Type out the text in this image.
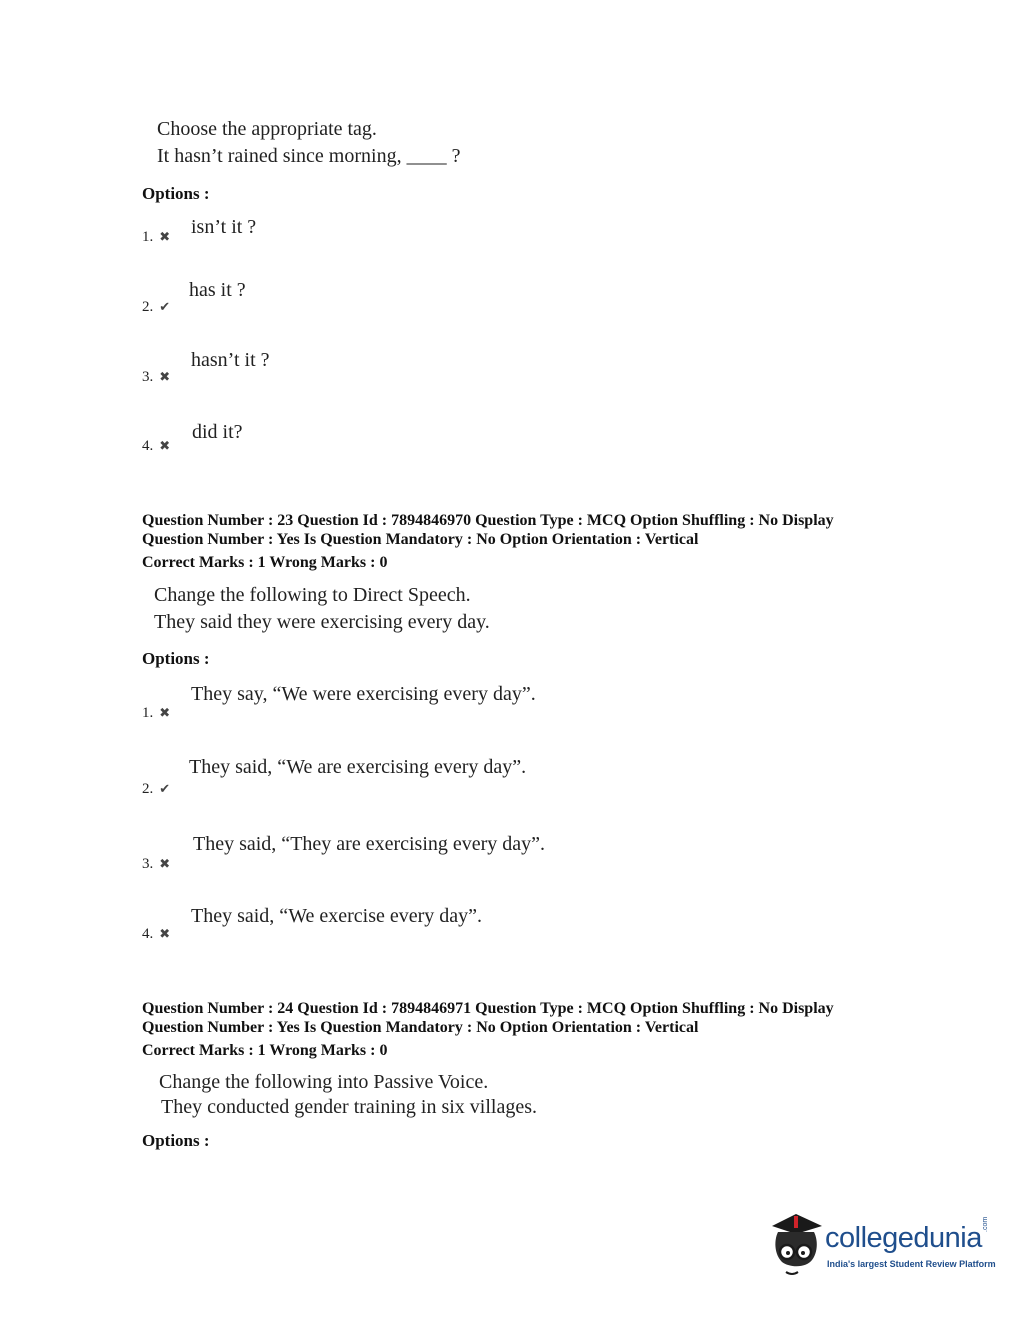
Choose the appropriate tag.
It hasn’t rained since morning, ____ ?
Options :
1. ✖ isn’t it ?
2. ✔
has it ?
3. ✖
hasn’t it ?
4. ✖
did it?
Question Number : 23 Question Id : 7894846970 Question Type : MCQ Option Shuffling : No Display
Question Number : Yes Is Question Mandatory : No Option Orientation : Vertical
Correct Marks : 1 Wrong Marks : 0
Change the following to Direct Speech.
They said they were exercising every day.
Options :
1. ✖
They say, “We were exercising every day”.
2. ✔
They said, “We are exercising every day”.
3. ✖
They said, “They are exercising every day”.
4. ✖
They said, “We exercise every day”.
Question Number : 24 Question Id : 7894846971 Question Type : MCQ Option Shuffling : No Display
Question Number : Yes Is Question Mandatory : No Option Orientation : Vertical
Correct Marks : 1 Wrong Marks : 0
Change the following into Passive Voice.
They conducted gender training in six villages.
Options :
collegedunia .com
India's largest Student Review Platform
